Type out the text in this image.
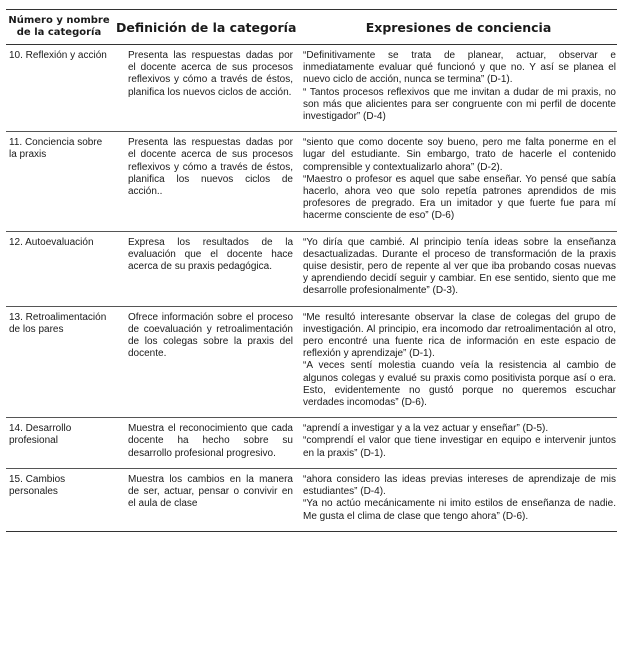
Número y nombre de la categoría	Definición de la categoría	Expresiones de conciencia
10. Reflexión y acción	Presenta las respuestas dadas por el docente acerca de sus procesos reflexivos y cómo a través de éstos, planifica los nuevos ciclos de acción.	“Definitivamente se trata de planear, actuar, observar e inmediatamente evaluar qué funcionó y que no. Y así se planea el nuevo ciclo de acción, nunca se termina” (D-1).
“ Tantos procesos reflexivos que me invitan a dudar de mi praxis, no son más que alicientes para ser congruente con mi perfil de docente investigador” (D-4)

11. Conciencia sobre la praxis	Presenta las respuestas dadas por el docente acerca de sus procesos reflexivos y cómo a través de éstos, planifica los nuevos ciclos de acción..	“siento que como docente soy bueno, pero me falta ponerme en el lugar del estudiante. Sin embargo, trato de hacerle el contenido comprensible y contextualizarlo ahora” (D-2).
“Maestro o profesor es aquel que sabe enseñar. Yo pensé que sabía hacerlo, ahora veo que solo repetía patrones aprendidos de mis profesores de pregrado. Era un imitador y que fuerte fue para mí hacerme consciente de eso” (D-6)

12. Autoevaluación	Expresa los resultados de la evaluación que el docente hace acerca de su praxis pedagógica.	“Yo diría que cambié. Al principio tenía ideas sobre la enseñanza desactualizadas. Durante el proceso de transformación de la praxis quise desistir, pero de repente al ver que iba probando cosas nuevas y aprendiendo decidí seguir y cambiar. En ese sentido, siento que me desarrolle profesionalmente” (D-3).

13. Retroalimentación de los pares	Ofrece información sobre el proceso de coevaluación y retroalimentación de los colegas sobre la praxis del docente.	“Me resultó interesante observar la clase de colegas del grupo de investigación. Al principio, era incomodo dar retroalimentación al otro, pero encontré una fuente rica de información en este espacio de reflexión y aprendizaje” (D-1).
“A veces sentí molestia cuando veía la resistencia al cambio de algunos colegas y evalué su praxis como positivista porque así o era. Esto, evidentemente no gustó porque no queremos escuchar verdades incomodas” (D-6).

14. Desarrollo profesional	Muestra el reconocimiento que cada docente ha hecho sobre su desarrollo profesional progresivo.	“aprendí a investigar y a la vez actuar y enseñar” (D-5).
“comprendí el valor que tiene investigar en equipo e intervenir juntos en la praxis” (D-1).

15. Cambios personales	Muestra los cambios en la manera de ser, actuar, pensar o convivir en el aula de clase	“ahora considero las ideas previas intereses de aprendizaje de mis estudiantes” (D-4).
“Ya no actúo mecánicamente ni imito estilos de enseñanza de nadie. Me gusta el clima de clase que tengo ahora” (D-6).
